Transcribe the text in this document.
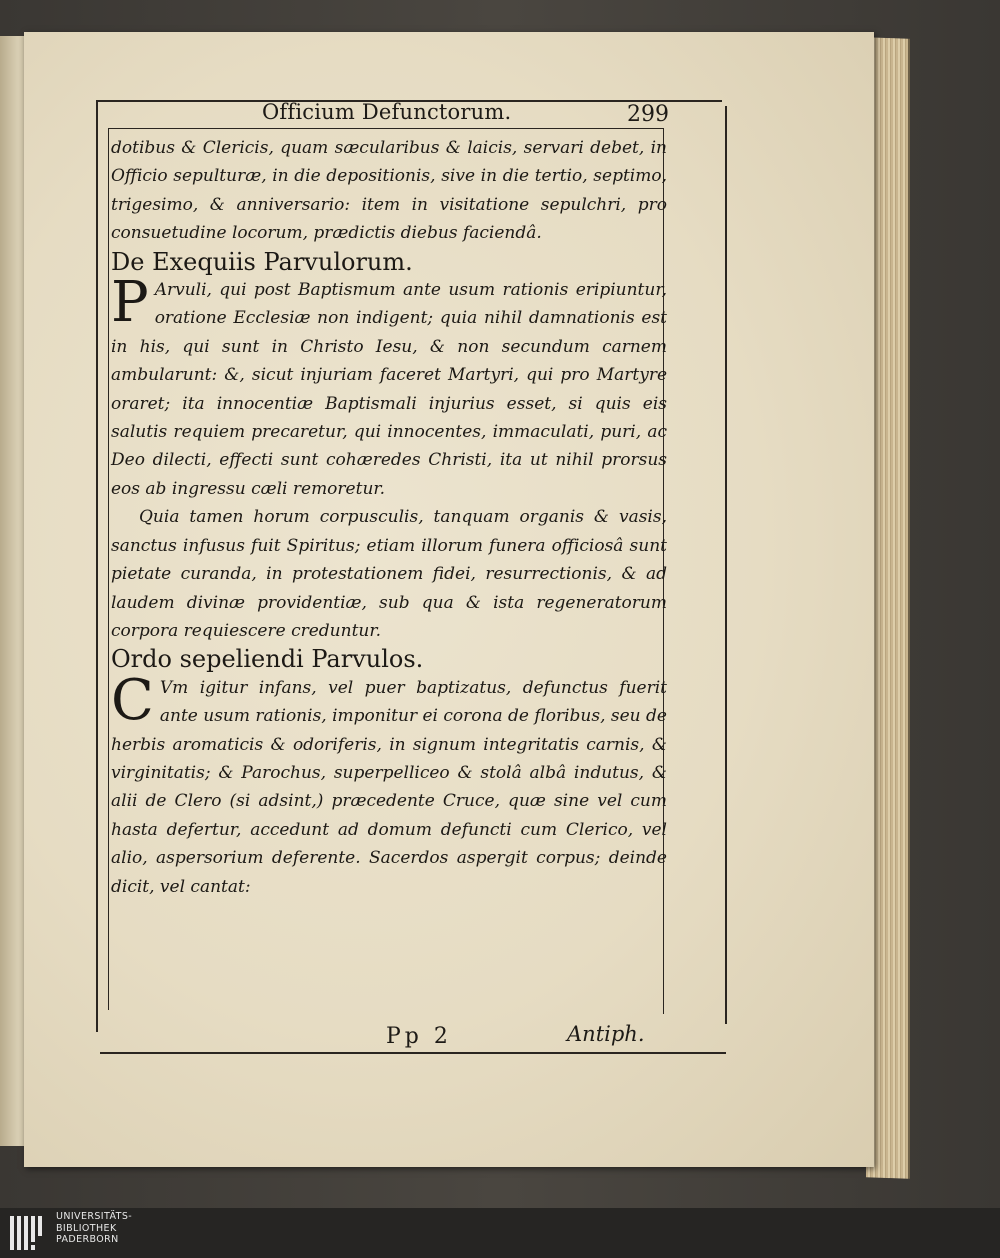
Officium Defunctorum.	299

dotibus & Clericis, quam sæcularibus & laicis, servari debet, in Officio sepulturæ, in die depositionis, sive in die tertio, septimo, trigesimo, & anniversario: item in visitatione sepulchri, pro consuetudine locorum, prædictis diebus faciendâ.

De Exequiis Parvulorum.

P Arvuli, qui post Baptismum ante usum rationis eripiuntur, oratione Ecclesiæ non indigent; quia nihil damnationis est in his, qui sunt in Christo Iesu, & non secundum carnem ambularunt: &, sicut injuriam faceret Martyri, qui pro Martyre oraret; ita innocentiæ Baptismali injurius esset, si quis eis salutis requiem precaretur, qui innocentes, immaculati, puri, ac Deo dilecti, effecti sunt cohæredes Christi, ita ut nihil prorsus eos ab ingressu cæli remoretur.

Quia tamen horum corpusculis, tanquam organis & vasis, sanctus infusus fuit Spiritus; etiam illorum funera officiosâ sunt pietate curanda, in protestationem fidei, resurrectionis, & ad laudem divinæ providentiæ, sub qua & ista regeneratorum corpora requiescere creduntur.

Ordo sepeliendi Parvulos.

C Vm igitur infans, vel puer baptizatus, defunctus fuerit ante usum rationis, imponitur ei corona de floribus, seu de herbis aromaticis & odoriferis, in signum integritatis carnis, & virginitatis; & Parochus, superpelliceo & stolâ albâ indutus, & alii de Clero (si adsint,) præcedente Cruce, quæ sine vel cum hasta defertur, accedunt ad domum defuncti cum Clerico, vel alio, aspersorium deferente. Sacerdos aspergit corpus; deinde dicit, vel cantat:

Pp 2	Antiph.
UNIVERSITÄTS-
BIBLIOTHEK
PADERBORN
